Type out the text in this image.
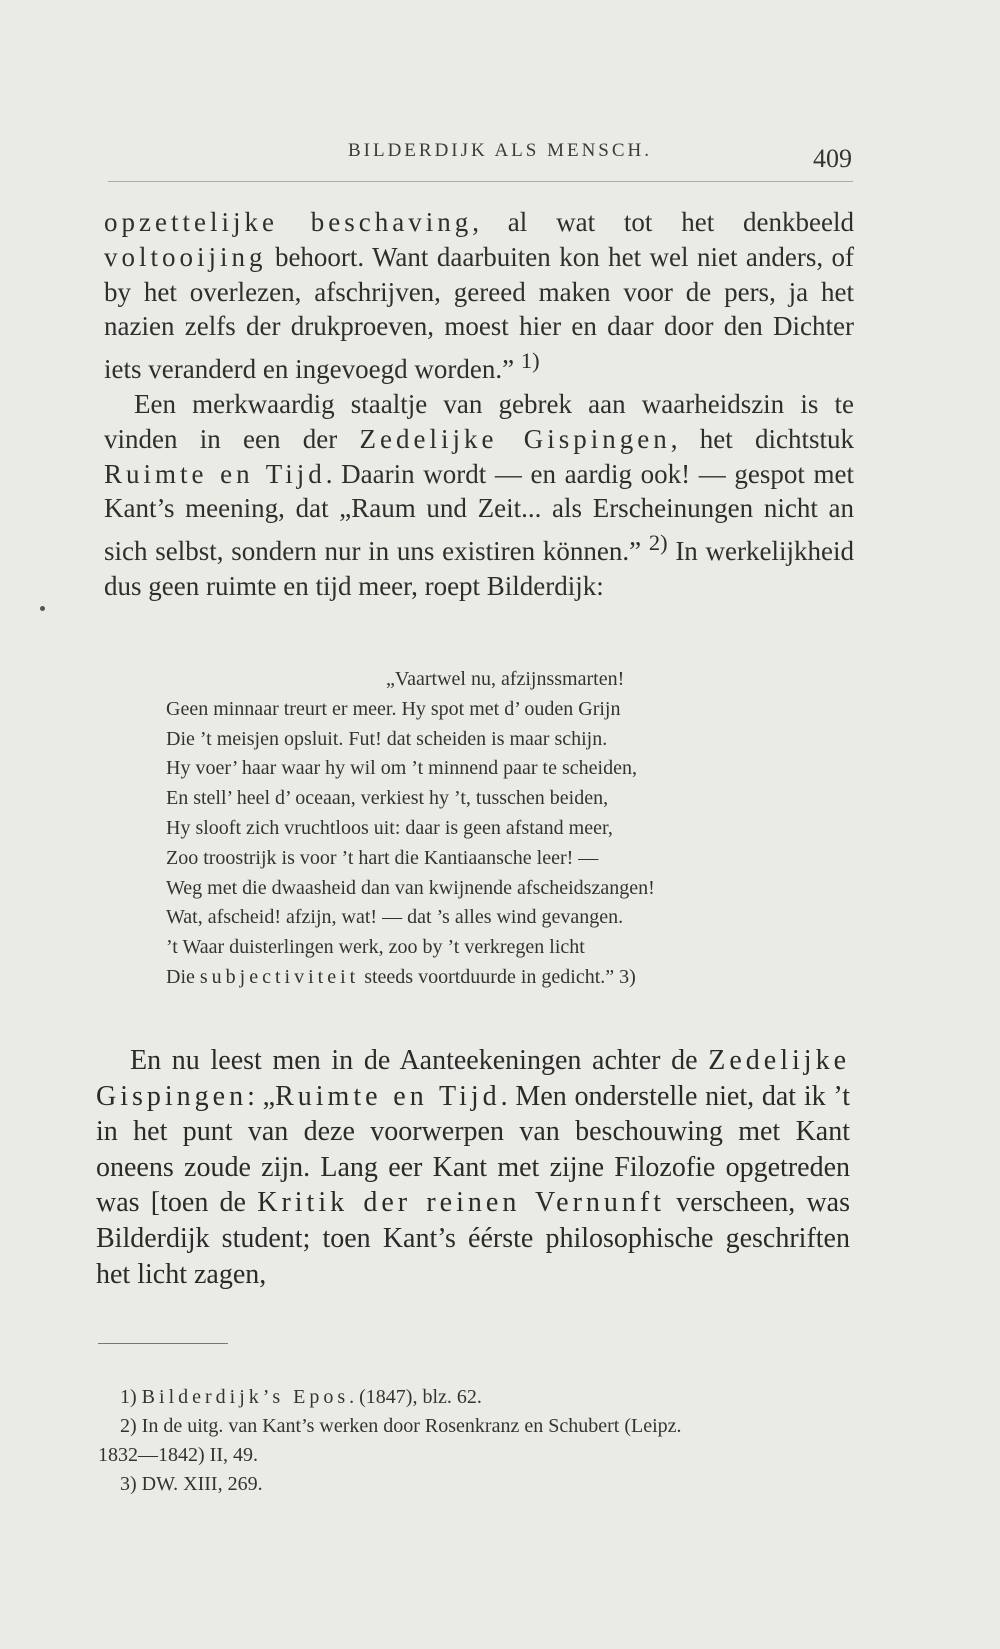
BILDERDIJK ALS MENSCH.	409

opzettelijke beschaving, al wat tot het denkbeeld voltooijing behoort. Want daarbuiten kon het wel niet anders, of by het overlezen, afschrijven, gereed maken voor de pers, ja het nazien zelfs der drukproeven, moest hier en daar door den Dichter iets veranderd en ingevoegd worden.” $^{1)}$

Een merkwaardig staaltje van gebrek aan waarheidszin is te vinden in een der Zedelijke Gispingen, het dichtstuk Ruimte en Tijd. Daarin wordt — en aardig ook! — gespot met Kant’s meening, dat „Raum und Zeit... als Erscheinungen nicht an sich selbst, sondern nur in uns existiren können.” $^{2)}$ In werkelijkheid dus geen ruimte en tijd meer, roept Bilderdijk:

„Vaartwel nu, afzijnssmarten!
Geen minnaar treurt er meer. Hy spot met d’ ouden Grijn
Die ’t meisjen opsluit. Fut! dat scheiden is maar schijn.
Hy voer’ haar waar hy wil om ’t minnend paar te scheiden,
En stell’ heel d’ oceaan, verkiest hy ’t, tusschen beiden,
Hy slooft zich vruchtloos uit: daar is geen afstand meer,
Zoo troostrijk is voor ’t hart die Kantiaansche leer! —
Weg met die dwaasheid dan van kwijnende afscheidszangen!
Wat, afscheid! afzijn, wat! — dat ’s alles wind gevangen.
’t Waar duisterlingen werk, zoo by ’t verkregen licht
Die subjectiviteit steeds voortduurde in gedicht.” 3)

En nu leest men in de Aanteekeningen achter de Zedelijke Gispingen: „Ruimte en Tijd. Men onderstelle niet, dat ik ’t in het punt van deze voorwerpen van beschouwing met Kant oneens zoude zijn. Lang eer Kant met zijne Filozofie opgetreden was [toen de Kritik der reinen Vernunft verscheen, was Bilderdijk student; toen Kant’s éérste philosophische geschriften het licht zagen,

1) Bilderdijk’s Epos. (1847), blz. 62.

2) In de uitg. van Kant’s werken door Rosenkranz en Schubert (Leipz.

1832—1842) II, 49.

3) DW. XIII, 269.
